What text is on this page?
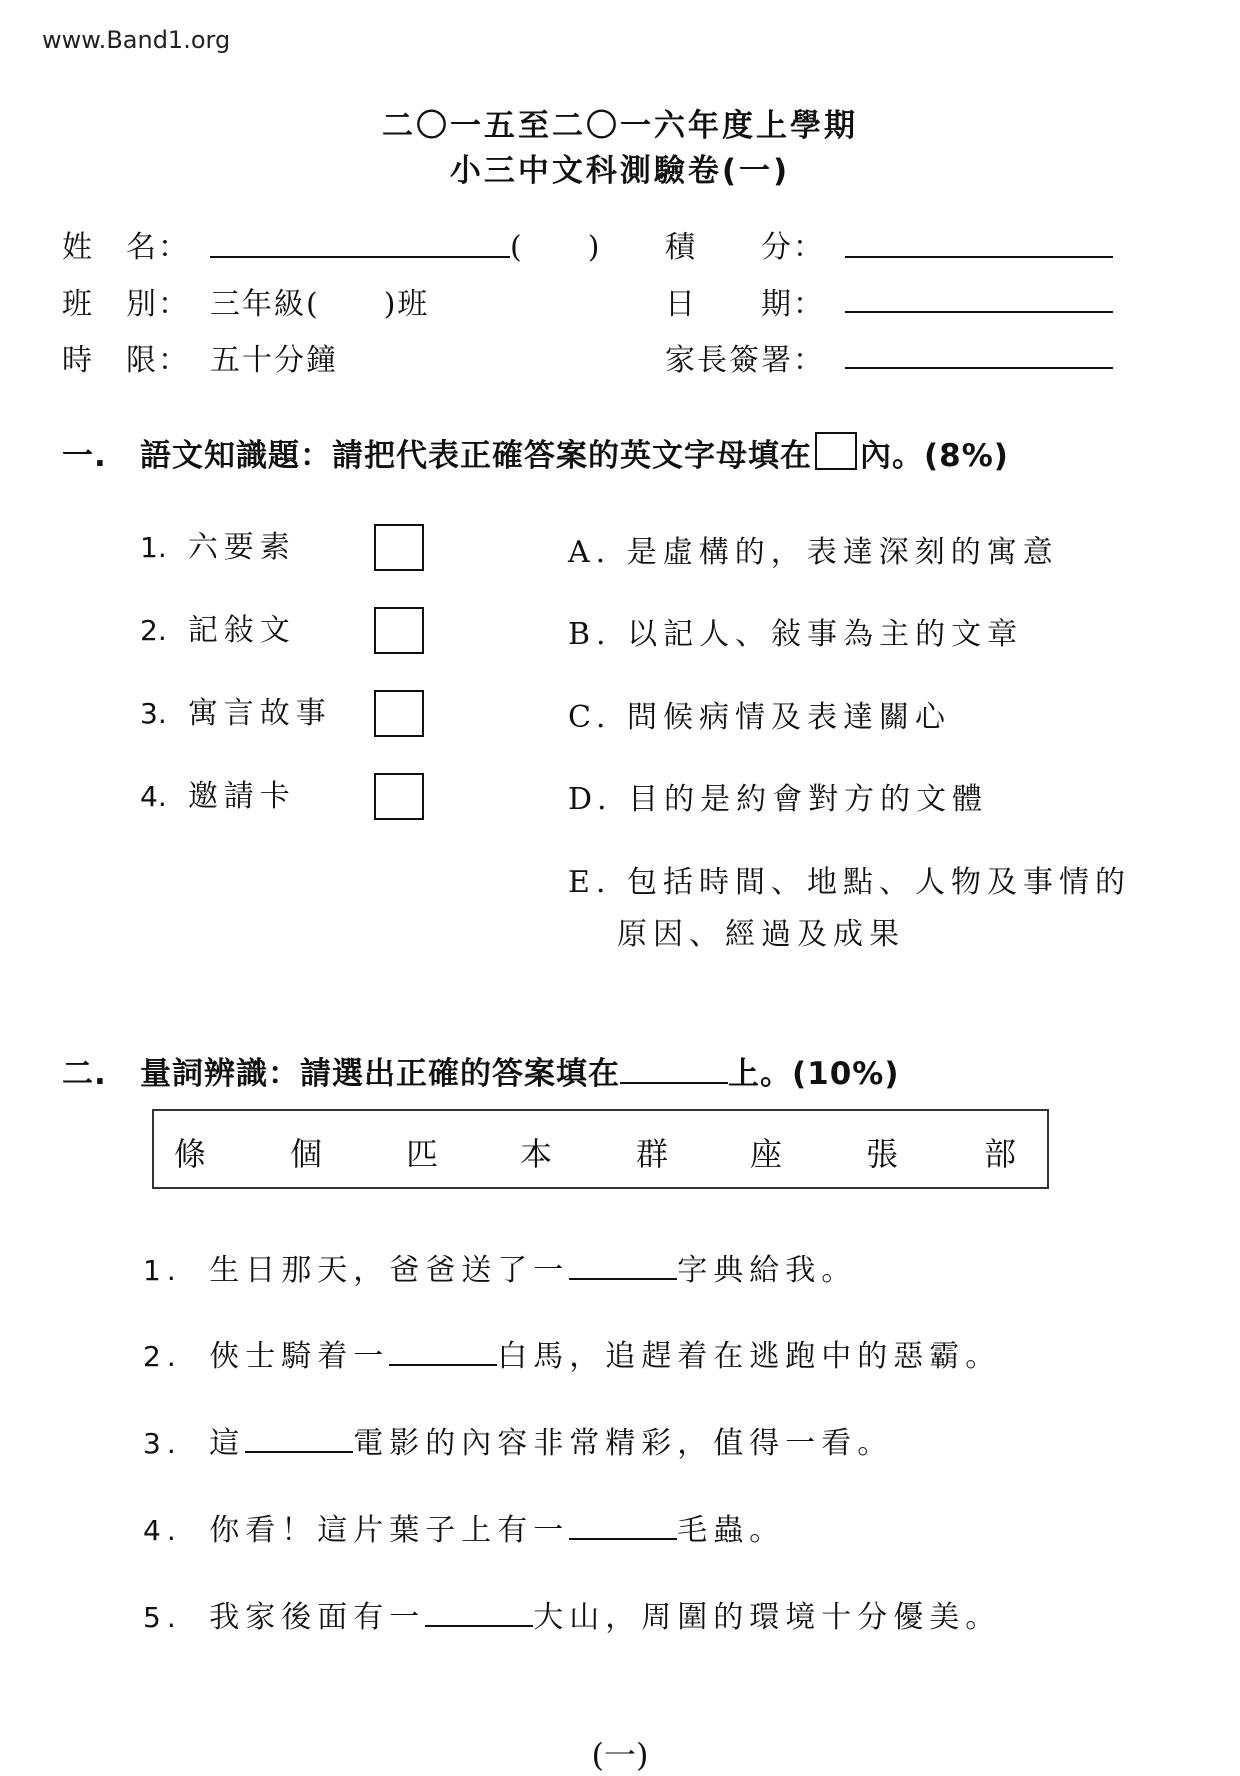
www.Band1.org
二〇一五至二〇一六年度上學期
小三中文科測驗卷(一)
姓　名：	(　　) 積　　分：
班　別： 三年級(　　)班	日　　期：
時　限： 五十分鐘	家長簽署：
一. 語文知識題：請把代表正確答案的英文字母填在 內。(8%)
1. 六要素
2. 記敍文
3. 寓言故事
4. 邀請卡
A. 是虛構的，表達深刻的寓意
B. 以記人、敍事為主的文章
C. 問候病情及表達關心
D. 目的是約會對方的文體
E. 包括時間、地點、人物及事情的
原因、經過及成果
二. 量詞辨識：請選出正確的答案填在	上。(10%)
條	個	匹	本	群	座	張	部
1. 生日那天，爸爸送了一	字典給我。
2. 俠士騎着一	白馬，追趕着在逃跑中的惡霸。
3. 這	電影的內容非常精彩，值得一看。
4. 你看！這片葉子上有一	毛蟲。
5. 我家後面有一	大山，周圍的環境十分優美。
(一)
